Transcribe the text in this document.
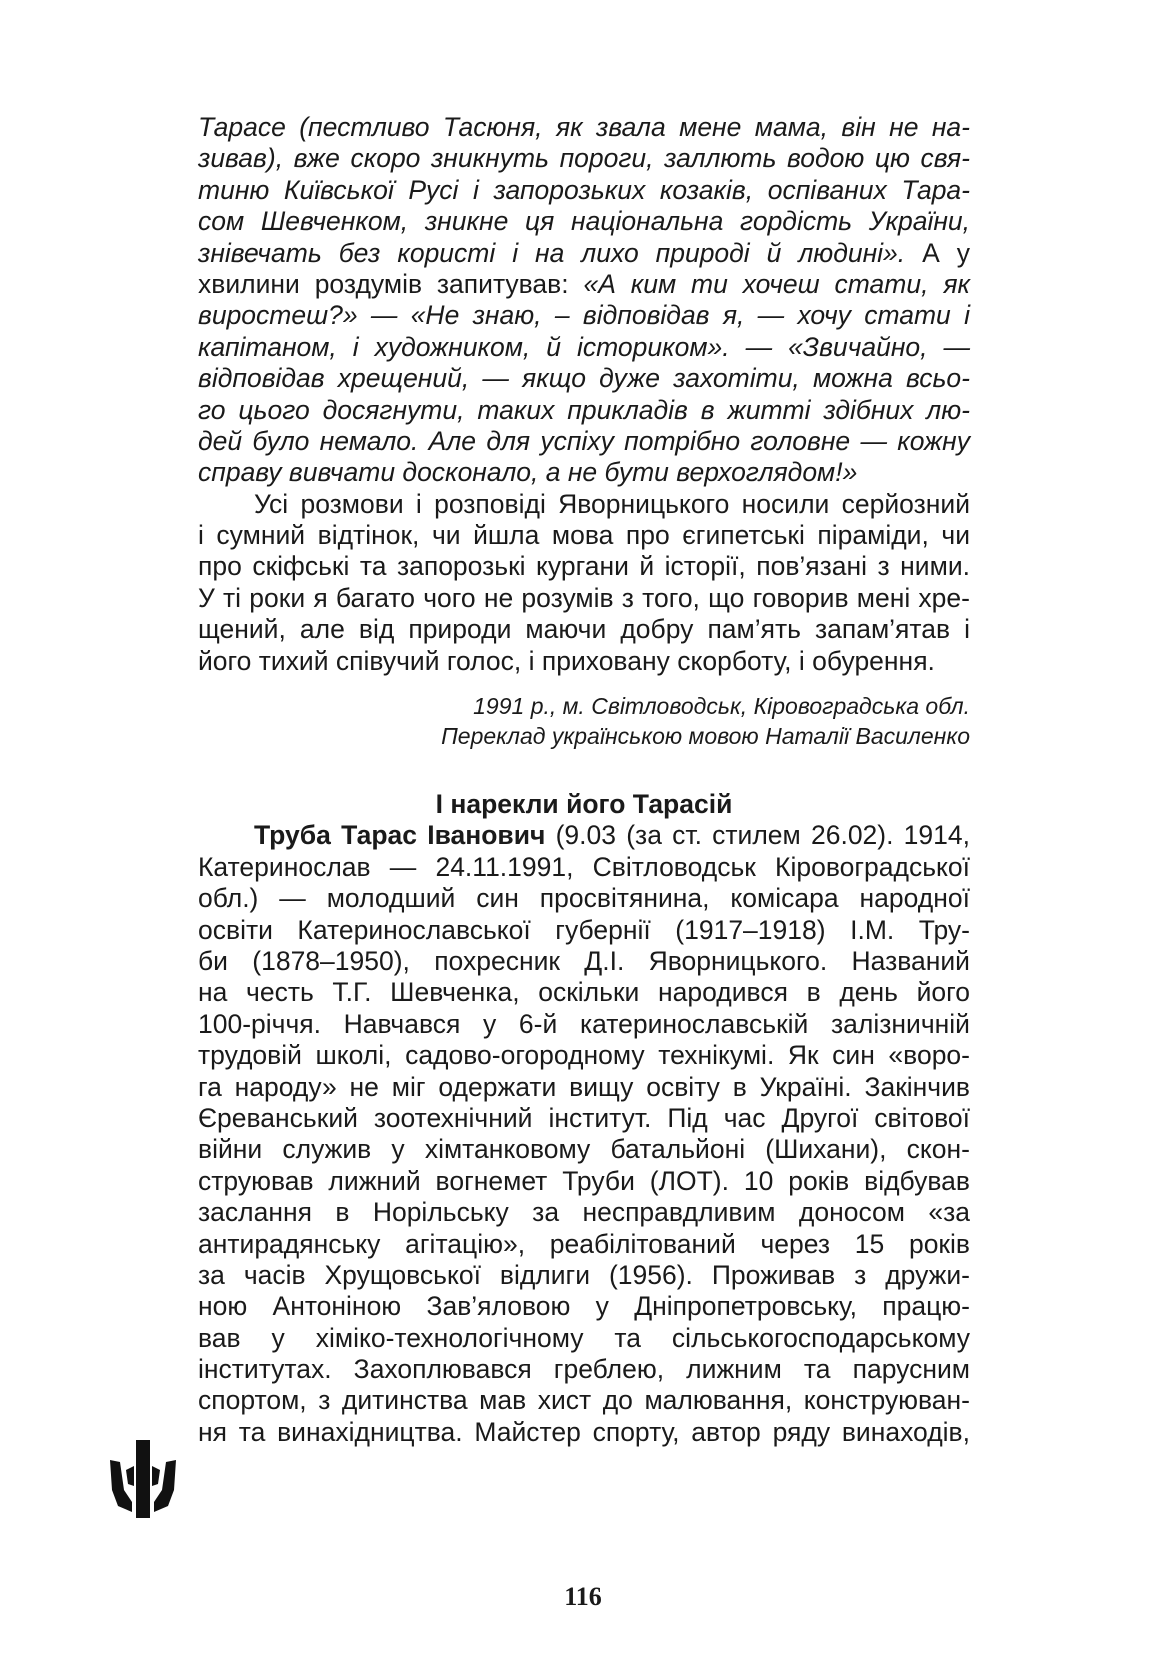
Тарасе (пестливо Тасюня, як звала мене мама, він не на-
зивав), вже скоро зникнуть пороги, заллють водою цю свя-
тиню Київської Русі і запорозьких козаків, оспіваних Тара-
сом Шевченком, зникне ця національна гордість України,
знівечать без користі і на лихо природі й людині». А у
хвилини роздумів запитував: «А ким ти хочеш стати, як
виростеш?» — «Не знаю, – відповідав я, — хочу стати і
капітаном, і художником, й істориком». — «Звичайно, —
відповідав хрещений, — якщо дуже захотіти, можна всьо-
го цього досягнути, таких прикладів в житті здібних лю-
дей було немало. Але для успіху потрібно головне — кожну
справу вивчати досконало, а не бути верхоглядом!»
Усі розмови і розповіді Яворницького носили серйозний
і сумний відтінок, чи йшла мова про єгипетські піраміди, чи
про скіфські та запорозькі кургани й історії, пов’язані з ними.
У ті роки я багато чого не розумів з того, що говорив мені хре-
щений, але від природи маючи добру пам’ять запам’ятав і
його тихий співучий голос, і приховану скорботу, і обурення.
1991 р., м. Світловодськ, Кіровоградська обл.
Переклад українською мовою Наталії Василенко
І нарекли його Тарасій
Труба Тарас Іванович (9.03 (за ст. стилем 26.02). 1914,
Катеринослав — 24.11.1991, Світловодськ Кіровоградської
обл.) — молодший син просвітянина, комісара народної
освіти Катеринославської губернії (1917–1918) І.М. Тру-
би (1878–1950), похресник Д.І. Яворницького. Названий
на честь Т.Г. Шевченка, оскільки народився в день його
100-річчя. Навчався у 6-й катеринославській залізничній
трудовій школі, садово-огородному технікумі. Як син «воро-
га народу» не міг одержати вищу освіту в Україні. Закінчив
Єреванський зоотехнічний інститут. Під час Другої світової
війни служив у хімтанковому батальйоні (Шихани), скон-
струював лижний вогнемет Труби (ЛОТ). 10 років відбував
заслання в Норільську за несправдливим доносом «за
антирадянську агітацію», реабілітований через 15 років
за часів Хрущовської відлиги (1956). Проживав з дружи-
ною Антоніною Зав’яловою у Дніпропетровську, працю-
вав у хіміко-технологічному та сільськогосподарському
інститутах. Захоплювався греблею, лижним та парусним
спортом, з дитинства мав хист до малювання, конструюван-
ня та винахідництва. Майстер спорту, автор ряду винаходів,
116
